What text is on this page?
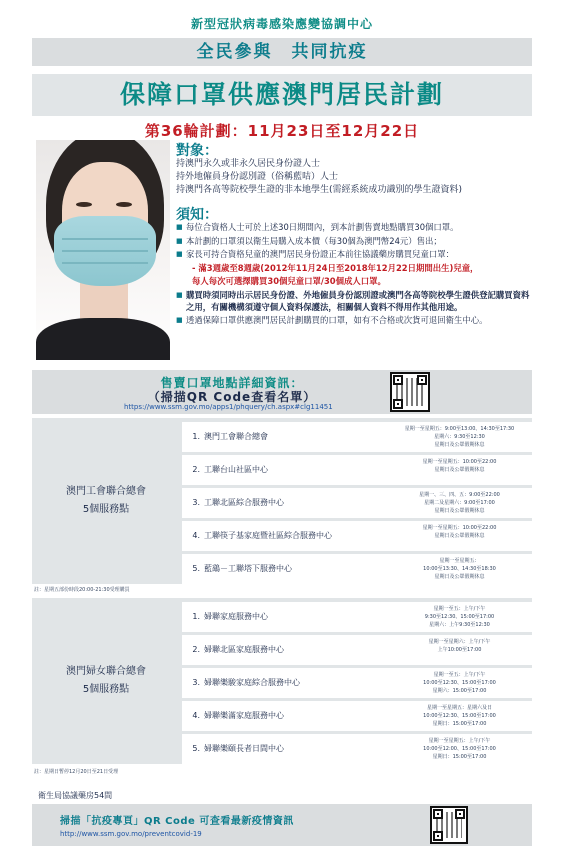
新型冠狀病毒感染應變協調中心
全民參與　共同抗疫
保障口罩供應澳門居民計劃
第36輪計劃：11月23日至12月22日
對象：
持澳門永久或非永久居民身份證人士
持外地僱員身份認別證（俗稱藍咭）人士
持澳門各高等院校學生證的非本地學生(需經系統成功識別的學生證資料)
須知：
■ 每位合資格人士可於上述30日期間內，到本計劃售賣地點購買30個口罩。
■ 本計劃的口罩須以衛生局購入成本價（每30個為澳門幣24元）售出；
■ 家長可持合資格兒童的澳門居民身份證正本前往協議藥房購買兒童口罩：
- 滿3週歲至8週歲(2012年11月24日至2018年12月22日期間出生)兒童，
每人每次可選擇購買30個兒童口罩/30個成人口罩。
■ 購買時須同時出示居民身份證、外地僱員身份認別證或澳門各高等院校學生證供登記購買資料之用，有關機構須遵守個人資料保護法，相關個人資料不得用作其他用途。
■ 透過保障口罩供應澳門居民計劃購買的口罩，如有不合格或次貨可退回衛生中心。
售賣口罩地點詳細資訊：
（掃描QR Code查看名單）
https://www.ssm.gov.mo/apps1/phquery/ch.aspx#clg11451
澳門工會聯合總會
5個服務點
1. 澳門工會聯合總會
星期一至星期五：9:00至13:00、14:30至17:30
星期六：9:30至12:30
星期日及公眾假期休息
2. 工聯台山社區中心
星期一至星期五：10:00至22:00
星期日及公眾假期休息
3. 工聯北區綜合服務中心
星期一、三、四、五：9:00至22:00
星期二及星期六：9:00至17:00
星期日及公眾假期休息
4. 工聯筷子基家庭暨社區綜合服務中心
星期一至星期五：10:00至22:00
星期日及公眾假期休息
5. 藍鷂－工聯塔下服務中心
星期一至星期五：
10:00至13:30、14:30至18:30
星期日及公眾假期休息
註：星期五部份時段20:00-21:30受理購買
澳門婦女聯合總會
5個服務點
1. 婦聯家庭服務中心
星期一至五：上午/下午
9:30至12:30、15:00至17:00
星期六：上午9:30至12:30
2. 婦聯北區家庭服務中心
星期一至星期六：上午/下午
上午10:00至17:00
3. 婦聯樂駿家庭綜合服務中心
星期一至五：上午/下午
10:00至12:30、15:00至17:00
星期六：15:00至17:00
4. 婦聯樂滿家庭服務中心
星期一至星期五：星期六及日
10:00至12:30、15:00至17:00
星期日：15:00至17:00
5. 婦聯樂頤長者日間中心
星期一至星期五：上午/下午
10:00至12:00、15:00至17:00
星期日：15:00至17:00
註：星期日暫停12月20日至21日受理
衛生局協議藥房54間
掃描「抗疫專頁」QR Code 可查看最新疫情資訊
http://www.ssm.gov.mo/preventcovid-19
